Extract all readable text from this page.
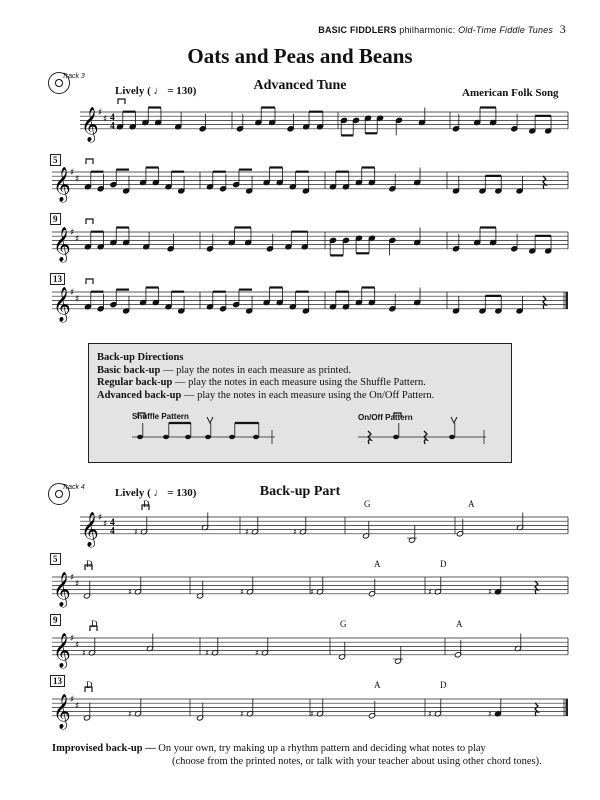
BASIC FIDDLERS philharmonic: Old-Time Fiddle Tunes 3
Oats and Peas and Beans
Track 3
Lively ( ♩ = 130)	Advanced Tune	American Folk Song
𝄞 ♯
♯ 4
4
𝄞 ♯
♯
𝄞 ♯
♯
𝄞 ♯
♯
5
9
13
Back-up Directions
Basic back-up — play the notes in each measure as printed.
Regular back-up — play the notes in each measure using the Shuffle Pattern.
Advanced back-up — play the notes in each measure using the On/Off Pattern.
Shuffle Pattern	On/Off Pattern
Track 4	Lively ( ♩ = 130)	Back-up Part
D	G	A
D	A	D
D	G	A
D	A	D
𝄞 ♯
♯ 4
4 ♯	♯	♯
𝄞 ♯
♯
♯	♯	♯	♯	♯
𝄞 ♯
♯
♯	♯	♯
𝄞 ♯
♯
♯	♯	♯	♯	♯
5
9
13
Improvised back-up — On your own, try making up a rhythm pattern and deciding what notes to play
(choose from the printed notes, or talk with your teacher about using other chord tones).
